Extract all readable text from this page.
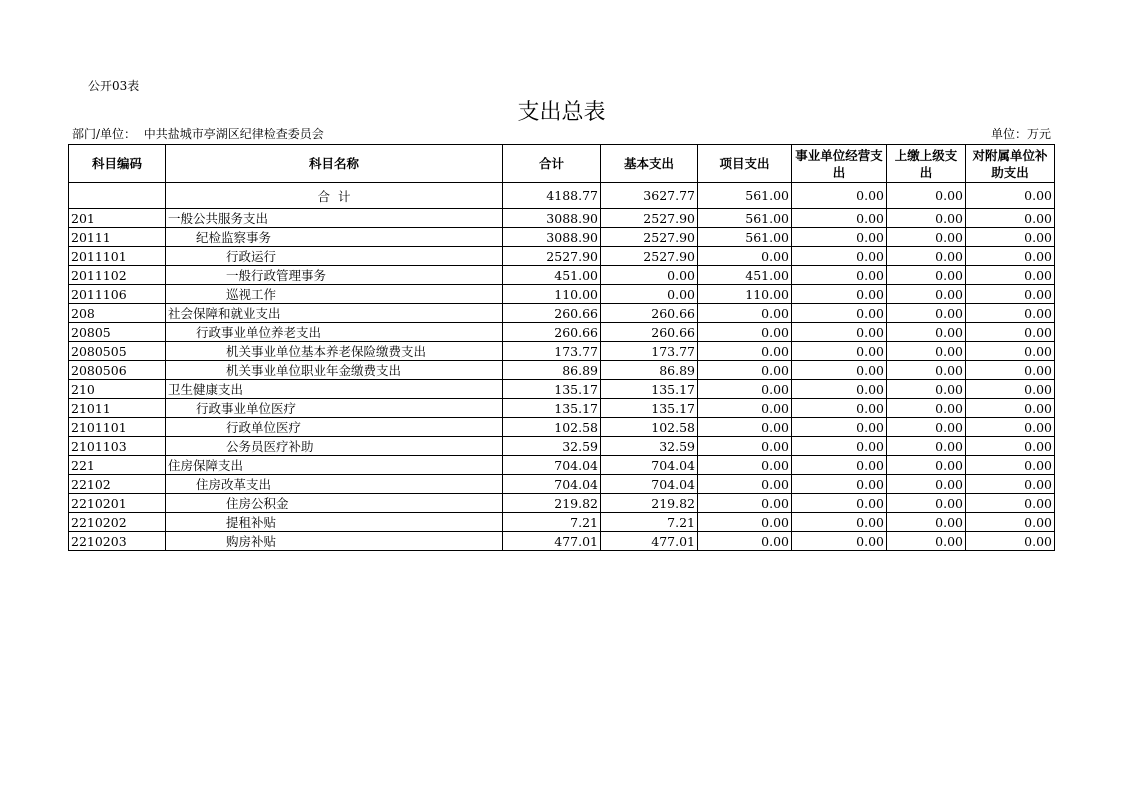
公开03表
支出总表
部门/单位： 中共盐城市亭湖区纪律检查委员会	单位：万元
科目编码	科目名称	合计	基本支出	项目支出	事业单位经营支出	上缴上级支出	对附属单位补助支出
	合  计	4188.77	3627.77	561.00	0.00	0.00	0.00
201	一般公共服务支出	3088.90	2527.90	561.00	0.00	0.00	0.00
20111	纪检监察事务	3088.90	2527.90	561.00	0.00	0.00	0.00
2011101	行政运行	2527.90	2527.90	0.00	0.00	0.00	0.00
2011102	一般行政管理事务	451.00	0.00	451.00	0.00	0.00	0.00
2011106	巡视工作	110.00	0.00	110.00	0.00	0.00	0.00
208	社会保障和就业支出	260.66	260.66	0.00	0.00	0.00	0.00
20805	行政事业单位养老支出	260.66	260.66	0.00	0.00	0.00	0.00
2080505	机关事业单位基本养老保险缴费支出	173.77	173.77	0.00	0.00	0.00	0.00
2080506	机关事业单位职业年金缴费支出	86.89	86.89	0.00	0.00	0.00	0.00
210	卫生健康支出	135.17	135.17	0.00	0.00	0.00	0.00
21011	行政事业单位医疗	135.17	135.17	0.00	0.00	0.00	0.00
2101101	行政单位医疗	102.58	102.58	0.00	0.00	0.00	0.00
2101103	公务员医疗补助	32.59	32.59	0.00	0.00	0.00	0.00
221	住房保障支出	704.04	704.04	0.00	0.00	0.00	0.00
22102	住房改革支出	704.04	704.04	0.00	0.00	0.00	0.00
2210201	住房公积金	219.82	219.82	0.00	0.00	0.00	0.00
2210202	提租补贴	7.21	7.21	0.00	0.00	0.00	0.00
2210203	购房补贴	477.01	477.01	0.00	0.00	0.00	0.00
